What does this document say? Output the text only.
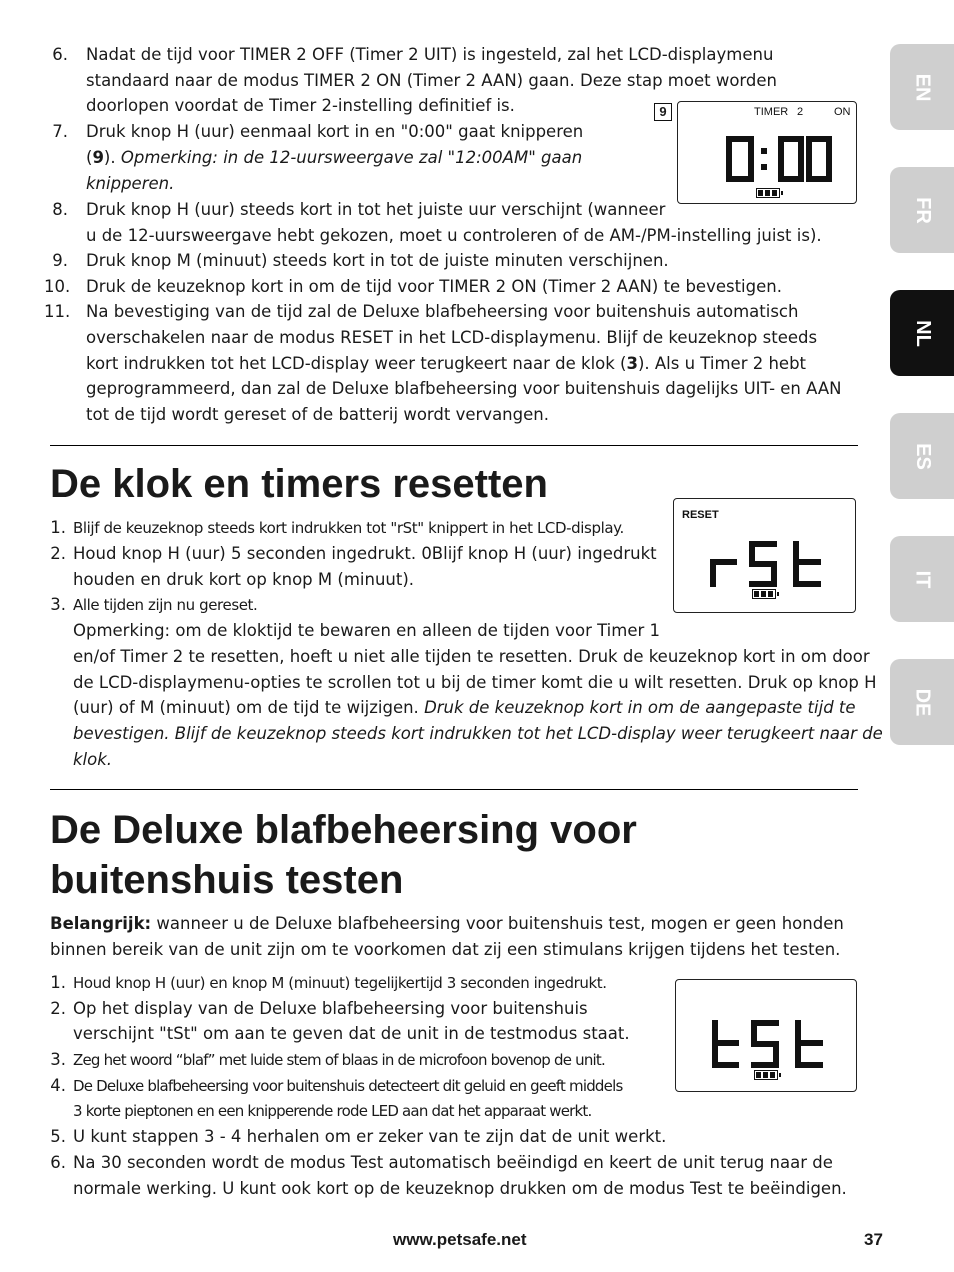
EN
FR
NL
ES
IT
DE
6. Nadat de tijd voor TIMER 2 OFF (Timer 2 UIT) is ingesteld, zal het LCD-displaymenu
standaard naar de modus TIMER 2 ON (Timer 2 AAN) gaan. Deze stap moet worden
doorlopen voordat de Timer 2-instelling definitief is.
7. Druk knop H (uur) eenmaal kort in en "0:00" gaat knipperen
(9). Opmerking: in de 12-uursweergave zal "12:00AM" gaan
knipperen.
8. Druk knop H (uur) steeds kort in tot het juiste uur verschijnt (wanneer
u de 12-uursweergave hebt gekozen, moet u controleren of de AM-/PM-instelling juist is).
9. Druk knop M (minuut) steeds kort in tot de juiste minuten verschijnen.
10. Druk de keuzeknop kort in om de tijd voor TIMER 2 ON (Timer 2 AAN) te bevestigen.
11. Na bevestiging van de tijd zal de Deluxe blafbeheersing voor buitenshuis automatisch
overschakelen naar de modus RESET in het LCD-displaymenu. Blijf de keuzeknop steeds
kort indrukken tot het LCD-display weer terugkeert naar de klok (3). Als u Timer 2 hebt
geprogrammeerd, dan zal de Deluxe blafbeheersing voor buitenshuis dagelijks UIT- en AAN
tot de tijd wordt gereset of de batterij wordt vervangen.
9	TIMER 2	ON
De klok en timers resetten
RESET
1. Blijf de keuzeknop steeds kort indrukken tot "rSt" knippert in het LCD-display.
2. Houd knop H (uur) 5 seconden ingedrukt. 0Blijf knop H (uur) ingedrukt
houden en druk kort op knop M (minuut).
3. Alle tijden zijn nu gereset.
Opmerking: om de kloktijd te bewaren en alleen de tijden voor Timer 1
en/of Timer 2 te resetten, hoeft u niet alle tijden te resetten. Druk de keuzeknop kort in om door
de LCD-displaymenu-opties te scrollen tot u bij de timer komt die u wilt resetten. Druk op knop H
(uur) of M (minuut) om de tijd te wijzigen. Druk de keuzeknop kort in om de aangepaste tijd te
bevestigen. Blijf de keuzeknop steeds kort indrukken tot het LCD-display weer terugkeert naar de
klok.
De Deluxe blafbeheersing voor
buitenshuis testen
Belangrijk: wanneer u de Deluxe blafbeheersing voor buitenshuis test, mogen er geen honden
binnen bereik van de unit zijn om te voorkomen dat zij een stimulans krijgen tijdens het testen.
1. Houd knop H (uur) en knop M (minuut) tegelijkertijd 3 seconden ingedrukt.
2. Op het display van de Deluxe blafbeheersing voor buitenshuis
verschijnt "tSt" om aan te geven dat de unit in de testmodus staat.
3. Zeg het woord “blaf” met luide stem of blaas in de microfoon bovenop de unit.
4. De Deluxe blafbeheersing voor buitenshuis detecteert dit geluid en geeft middels
3 korte pieptonen en een knipperende rode LED aan dat het apparaat werkt.
5. U kunt stappen 3 - 4 herhalen om er zeker van te zijn dat de unit werkt.
6. Na 30 seconden wordt de modus Test automatisch beëindigd en keert de unit terug naar de
normale werking. U kunt ook kort op de keuzeknop drukken om de modus Test te beëindigen.
www.petsafe.net	37
